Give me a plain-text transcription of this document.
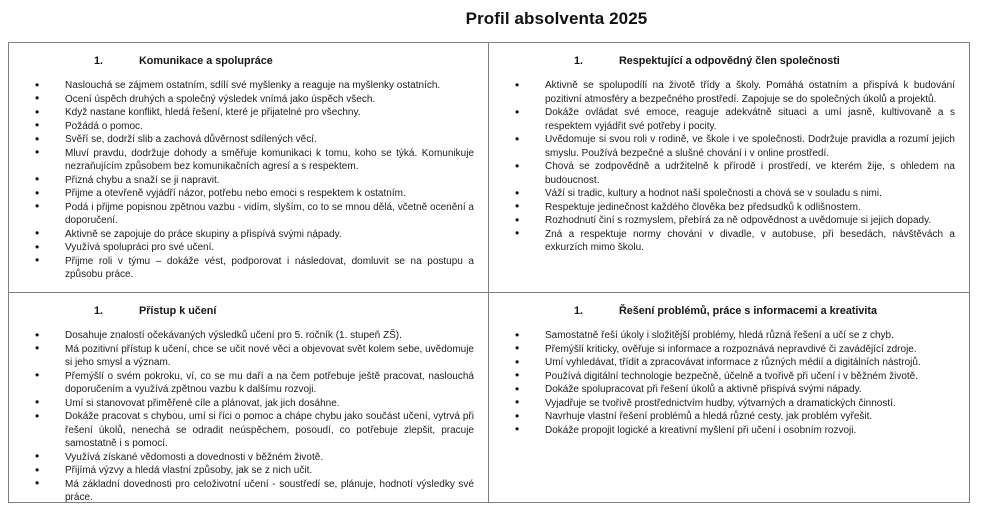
Profil absolventa 2025
1.	Komunikace a spolupráce
• Naslouchá se zájmem ostatním, sdílí své myšlenky a reaguje na myšlenky ostatních.
• Ocení úspěch druhých a společný výsledek vnímá jako úspěch všech.
• Když nastane konflikt, hledá řešení, které je přijatelné pro všechny.
• Požádá o pomoc.
• Svěří se, dodrží slib a zachová důvěrnost sdílených věcí.
• Mluví pravdu, dodržuje dohody a směřuje komunikaci k tomu, koho se týká. Komunikuje nezraňujícím způsobem bez komunikačních agresí a s respektem.
• Přizná chybu a snaží se ji napravit.
• Přijme a otevřeně vyjádří názor, potřebu nebo emoci s respektem k ostatním.
• Podá i přijme popisnou zpětnou vazbu - vidím, slyším, co to se mnou dělá, včetně ocenění a doporučení.
• Aktivně se zapojuje do práce skupiny a přispívá svými nápady.
• Využívá spolupráci pro své učení.
• Přijme roli v týmu – dokáže vést, podporovat i následovat, domluvit se na postupu a způsobu práce.
1.	Respektující a odpovědný člen společnosti
• Aktivně se spolupodílí na životě třídy a školy. Pomáhá ostatním a přispívá k budování pozitivní atmosféry a bezpečného prostředí. Zapojuje se do společných úkolů a projektů.
• Dokáže ovládat své emoce, reaguje adekvátně situaci a umí jasně, kultivovaně a s respektem vyjádřit své potřeby i pocity.
• Uvědomuje si svou roli v rodině, ve škole i ve společnosti. Dodržuje pravidla a rozumí jejich smyslu. Používá bezpečné a slušné chování i v online prostředí.
• Chová se zodpovědně a udržitelně k přírodě i prostředí, ve kterém žije, s ohledem na budoucnost.
• Váží si tradic, kultury a hodnot naší společnosti a chová se v souladu s nimi.
• Respektuje jedinečnost každého člověka bez předsudků k odlišnostem.
• Rozhodnutí činí s rozmyslem, přebírá za ně odpovědnost a uvědomuje si jejich dopady.
• Zná a respektuje normy chování v divadle, v autobuse, při besedách, návštěvách a exkurzích mimo školu.
1.	Přístup k učení
• Dosahuje znalostí očekávaných výsledků učení pro 5. ročník (1. stupeň ZŠ).
• Má pozitivní přístup k učení, chce se učit nové věci a objevovat svět kolem sebe, uvědomuje si jeho smysl a význam.
• Přemýšlí o svém pokroku, ví, co se mu daří a na čem potřebuje ještě pracovat, naslouchá doporučením a využívá zpětnou vazbu k dalšímu rozvoji.
• Umí si stanovovat přiměřené cíle a plánovat, jak jich dosáhne.
• Dokáže pracovat s chybou, umí si říci o pomoc a chápe chybu jako součást učení, vytrvá při řešení úkolů, nenechá se odradit neúspěchem, posoudí, co potřebuje zlepšit, pracuje samostatně i s pomocí.
• Využívá získané vědomosti a dovednosti v běžném životě.
• Přijímá výzvy a hledá vlastní způsoby, jak se z nich učit.
• Má základní dovednosti pro celoživotní učení - soustředí se, plánuje, hodnotí výsledky své práce.
1.	Řešení problémů, práce s informacemi a kreativita
• Samostatně řeší úkoly i složitější problémy, hledá různá řešení a učí se z chyb.
• Přemýšlí kriticky, ověřuje si informace a rozpoznává nepravdivé či zavádějící zdroje.
• Umí vyhledávat, třídit a zpracovávat informace z různých médií a digitálních nástrojů.
• Používá digitální technologie bezpečně, účelně a tvořivě při učení i v běžném životě.
• Dokáže spolupracovat při řešení úkolů a aktivně přispívá svými nápady.
• Vyjadřuje se tvořivě prostřednictvím hudby, výtvarných a dramatických činností.
• Navrhuje vlastní řešení problémů a hledá různé cesty, jak problém vyřešit.
• Dokáže propojit logické a kreativní myšlení při učení i osobním rozvoji.
